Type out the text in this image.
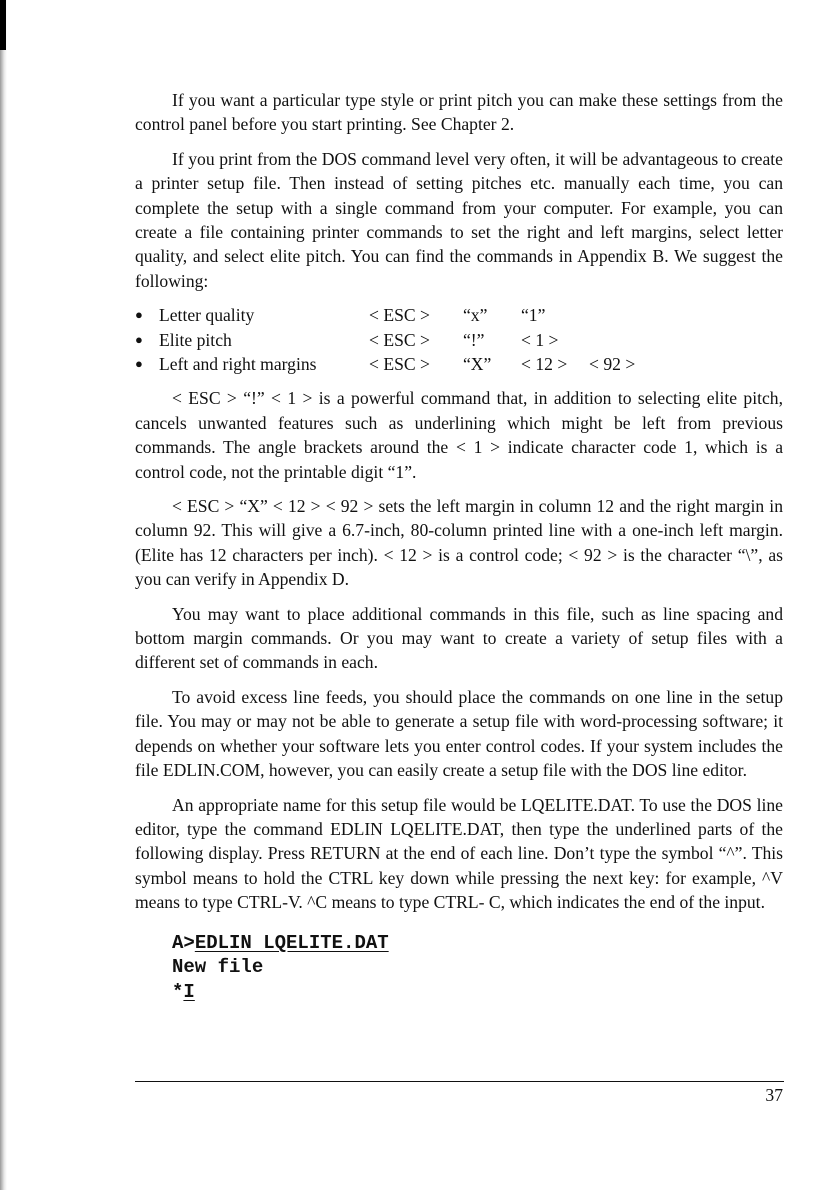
If you want a particular type style or print pitch you can make these settings from the control panel before you start printing. See Chapter 2.

If you print from the DOS command level very often, it will be advantageous to create a printer setup file. Then instead of setting pitches etc. manually each time, you can complete the setup with a single command from your computer. For example, you can create a file containing printer commands to set the right and left margins, select letter quality, and select elite pitch. You can find the commands in Appendix B. We suggest the following:

● Letter quality	< ESC >	“x”	“1”
● Elite pitch	< ESC >	“!”	< 1 >
● Left and right margins	< ESC >	“X”	< 12 >	< 92 >

< ESC > “!” < 1 > is a powerful command that, in addition to selecting elite pitch, cancels unwanted features such as underlining which might be left from previous commands. The angle brackets around the < 1 > indicate character code 1, which is a control code, not the printable digit “1”.

< ESC > “X” < 12 > < 92 > sets the left margin in column 12 and the right margin in column 92. This will give a 6.7-inch, 80-column printed line with a one-inch left margin. (Elite has 12 characters per inch). < 12 > is a control code; < 92 > is the character “\”, as you can verify in Appendix D.

You may want to place additional commands in this file, such as line spacing and bottom margin commands. Or you may want to create a variety of setup files with a different set of commands in each.

To avoid excess line feeds, you should place the commands on one line in the setup file. You may or may not be able to generate a setup file with word-processing software; it depends on whether your software lets you enter control codes. If your system includes the file EDLIN.COM, however, you can easily create a setup file with the DOS line editor.

An appropriate name for this setup file would be LQELITE.DAT. To use the DOS line editor, type the command EDLIN LQELITE.DAT, then type the underlined parts of the following display. Press RETURN at the end of each line. Don’t type the symbol “^”. This symbol means to hold the CTRL key down while pressing the next key: for example, ^V means to type CTRL-V. ^C means to type CTRL- C, which indicates the end of the input.

A>EDLIN LQELITE.DAT
New file
*I
37
